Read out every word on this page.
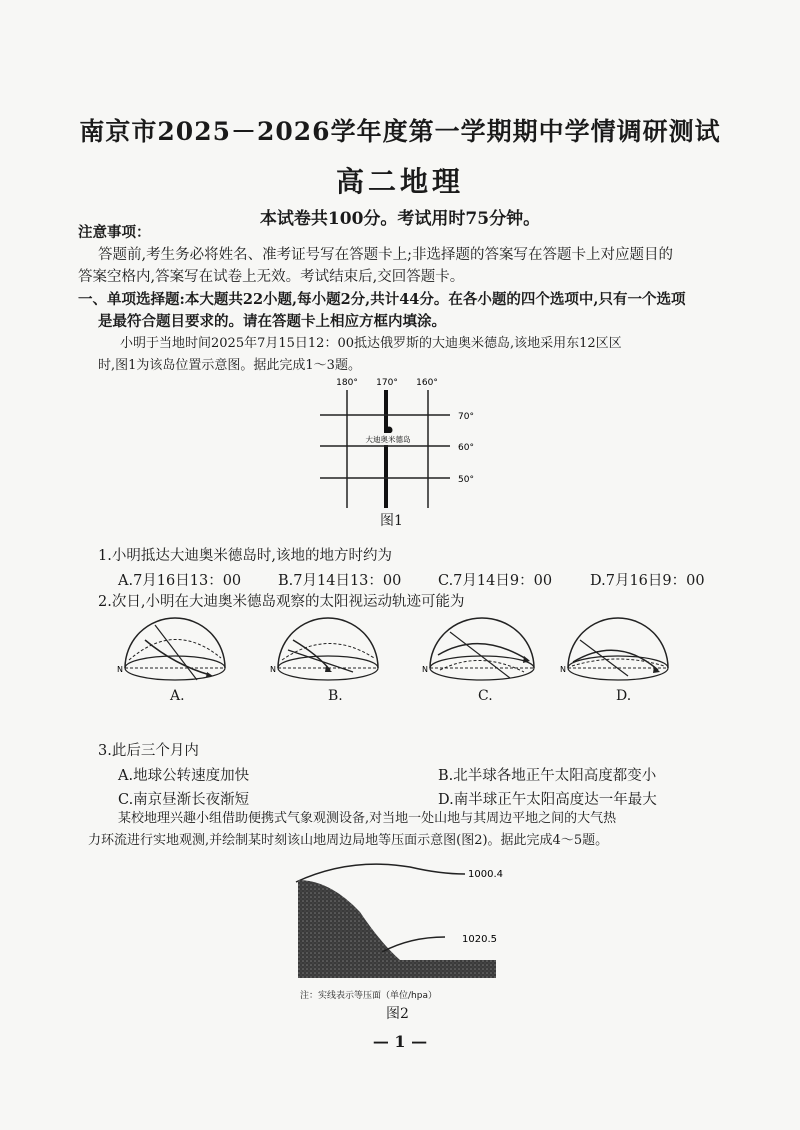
南京市2025－2026学年度第一学期期中学情调研测试
高二地理
本试卷共100分。考试用时75分钟。
注意事项：
答题前,考生务必将姓名、准考证号写在答题卡上;非选择题的答案写在答题卡上对应题目的
答案空格内,答案写在试卷上无效。考试结束后,交回答题卡。
一、单项选择题:本大题共22小题,每小题2分,共计44分。在各小题的四个选项中,只有一个选项
是最符合题目要求的。请在答题卡上相应方框内填涂。
小明于当地时间2025年7月15日12：00抵达俄罗斯的大迪奥米德岛,该地采用东12区区
时,图1为该岛位置示意图。据此完成1～3题。
180° 170° 160°
70°
60°
50°
大迪奥米德岛
图1
1.小明抵达大迪奥米德岛时,该地的地方时约为
A.7月16日13：00	B.7月14日13：00	C.7月14日9：00	D.7月16日9：00
2.次日,小明在大迪奥米德岛观察的太阳视运动轨迹可能为
N
A.
N
B.
N
C.
N
D.
3.此后三个月内
A.地球公转速度加快	B.北半球各地正午太阳高度都变小
C.南京昼渐长夜渐短	D.南半球正午太阳高度达一年最大
某校地理兴趣小组借助便携式气象观测设备,对当地一处山地与其周边平地之间的大气热
力环流进行实地观测,并绘制某时刻该山地周边局地等压面示意图(图2)。据此完成4～5题。
1000.4
1020.5
注：实线表示等压面（单位/hpa）
图2
— 1 —
